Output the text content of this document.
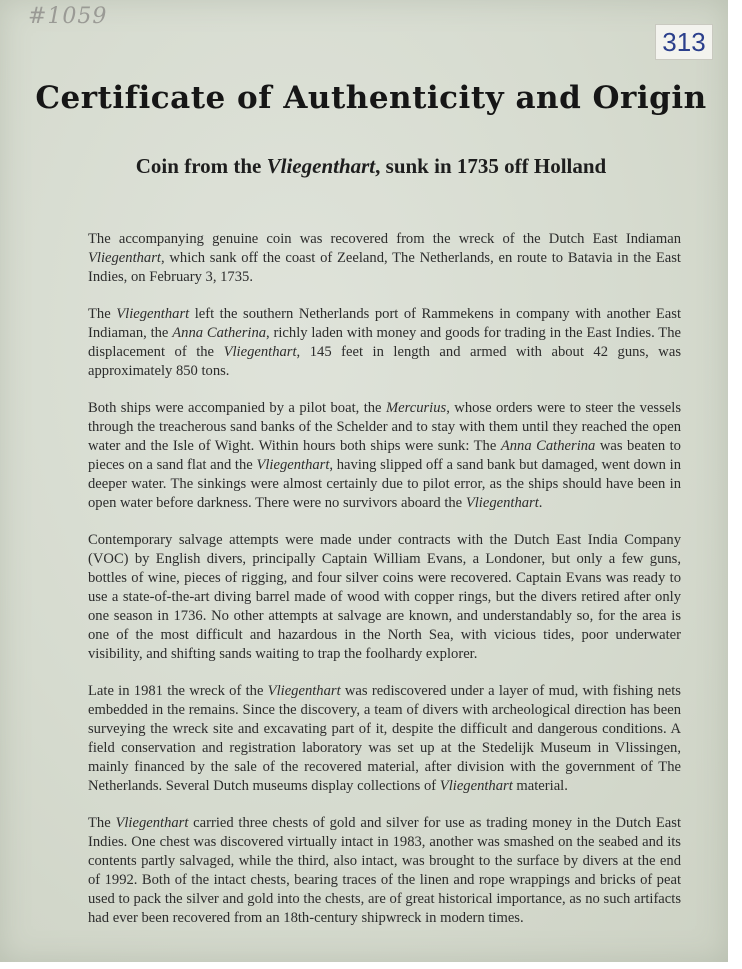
#1059
313
Certificate of Authenticity and Origin
Coin from the Vliegenthart, sunk in 1735 off Holland

The accompanying genuine coin was recovered from the wreck of the Dutch East Indiaman Vliegenthart, which sank off the coast of Zeeland, The Netherlands, en route to Batavia in the East Indies, on February 3, 1735.

The Vliegenthart left the southern Netherlands port of Rammekens in company with another East Indiaman, the Anna Catherina, richly laden with money and goods for trading in the East Indies. The displacement of the Vliegenthart, 145 feet in length and armed with about 42 guns, was approximately 850 tons.

Both ships were accompanied by a pilot boat, the Mercurius, whose orders were to steer the vessels through the treacherous sand banks of the Schelder and to stay with them until they reached the open water and the Isle of Wight. Within hours both ships were sunk: The Anna Catherina was beaten to pieces on a sand flat and the Vliegenthart, having slipped off a sand bank but damaged, went down in deeper water. The sinkings were almost certainly due to pilot error, as the ships should have been in open water before darkness. There were no survivors aboard the Vliegenthart.

Contemporary salvage attempts were made under contracts with the Dutch East India Company (VOC) by English divers, principally Captain William Evans, a Londoner, but only a few guns, bottles of wine, pieces of rigging, and four silver coins were recovered. Captain Evans was ready to use a state-of-the-art diving barrel made of wood with copper rings, but the divers retired after only one season in 1736. No other attempts at salvage are known, and understandably so, for the area is one of the most difficult and hazardous in the North Sea, with vicious tides, poor underwater visibility, and shifting sands waiting to trap the foolhardy explorer.

Late in 1981 the wreck of the Vliegenthart was rediscovered under a layer of mud, with fishing nets embedded in the remains. Since the discovery, a team of divers with archeological direction has been surveying the wreck site and excavating part of it, despite the difficult and dangerous conditions. A field conservation and registration laboratory was set up at the Stedelijk Museum in Vlissingen, mainly financed by the sale of the recovered material, after division with the government of The Netherlands. Several Dutch museums display collections of Vliegenthart material.

The Vliegenthart carried three chests of gold and silver for use as trading money in the Dutch East Indies. One chest was discovered virtually intact in 1983, another was smashed on the seabed and its contents partly salvaged, while the third, also intact, was brought to the surface by divers at the end of 1992. Both of the intact chests, bearing traces of the linen and rope wrappings and bricks of peat used to pack the silver and gold into the chests, are of great historical importance, as no such artifacts had ever been recovered from an 18th-century shipwreck in modern times.
